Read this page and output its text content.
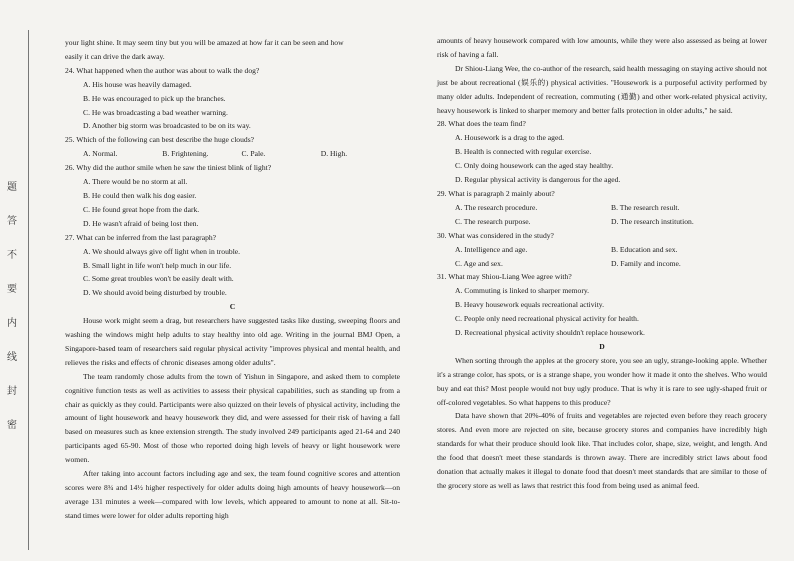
题
答
不
要
内
线
封
密

your light shine. It may seem tiny but you will be amazed at how far it can be seen and how

easily it can drive the dark away.

24. What happened when the author was about to walk the dog?

A. His house was heavily damaged.

B. He was encouraged to pick up the branches.

C. He was broadcasting a bad weather warning.

D. Another big storm was broadcasted to be on its way.

25. Which of the following can best describe the huge clouds?

A. Normal.	B. Frightening.	C. Pale.	D. High.

26. Why did the author smile when he saw the tiniest blink of light?

A. There would be no storm at all.

B. He could then walk his dog easier.

C. He found great hope from the dark.

D. He wasn't afraid of being lost then.

27. What can be inferred from the last paragraph?

A. We should always give off light when in trouble.

B. Small light in life won't help much in our life.

C. Some great troubles won't be easily dealt with.

D. We should avoid being disturbed by trouble.

C

House work might seem a drag, but researchers have suggested tasks like dusting, sweeping floors and washing the windows might help adults to stay healthy into old age. Writing in the journal BMJ Open, a Singapore-based team of researchers said regular physical activity "improves physical and mental health, and relieves the risks and effects of chronic diseases among older adults".

The team randomly chose adults from the town of Yishun in Singapore, and asked them to complete cognitive function tests as well as activities to assess their physical capabilities, such as standing up from a chair as quickly as they could. Participants were also quizzed on their levels of physical activity, including the amount of light housework and heavy housework they did, and were assessed for their risk of having a fall based on measures such as knee extension strength. The study involved 249 participants aged 21-64 and 240 participants aged 65-90. Most of those who reported doing high levels of heavy or light housework were women.

After taking into account factors including age and sex, the team found cognitive scores and attention scores were 8¾ and 14½ higher respectively for older adults doing high amounts of heavy housework—on average 131 minutes a week—compared with low levels, which appeared to amount to none at all. Sit-to-stand times were lower for older adults reporting high

amounts of heavy housework compared with low amounts, while they were also assessed as being at lower risk of having a fall.

Dr Shiou-Liang Wee, the co-author of the research, said health messaging on staying active should not just be about recreational (娱乐的) physical activities. "Housework is a purposeful activity performed by many older adults. Independent of recreation, commuting (通勤) and other work-related physical activity, heavy housework is linked to sharper memory and better falls protection in older adults," he said.

28. What does the team find?

A. Housework is a drag to the aged.

B. Health is connected with regular exercise.

C. Only doing housework can the aged stay healthy.

D. Regular physical activity is dangerous for the aged.

29. What is paragraph 2 mainly about?

A. The research procedure.	B. The research result.
C. The research purpose.	D. The research institution.

30. What was considered in the study?

A. Intelligence and age.	B. Education and sex.
C. Age and sex.	D. Family and income.

31. What may Shiou-Liang Wee agree with?

A. Commuting is linked to sharper memory.

B. Heavy housework equals recreational activity.

C. People only need recreational physical activity for health.

D. Recreational physical activity shouldn't replace housework.

D

When sorting through the apples at the grocery store, you see an ugly, strange-looking apple. Whether it's a strange color, has spots, or is a strange shape, you wonder how it made it onto the shelves. Who would buy and eat this? Most people would not buy ugly produce. That is why it is rare to see ugly-shaped fruit or off-colored vegetables. So what happens to this produce?

Data have shown that 20%-40% of fruits and vegetables are rejected even before they reach grocery stores. And even more are rejected on site, because grocery stores and companies have incredibly high standards for what their produce should look like. That includes color, shape, size, weight, and length. And the food that doesn't meet these standards is thrown away. There are incredibly strict laws about food donation that actually makes it illegal to donate food that doesn't meet standards that are similar to those of the grocery store as well as laws that restrict this food from being used as animal feed.
